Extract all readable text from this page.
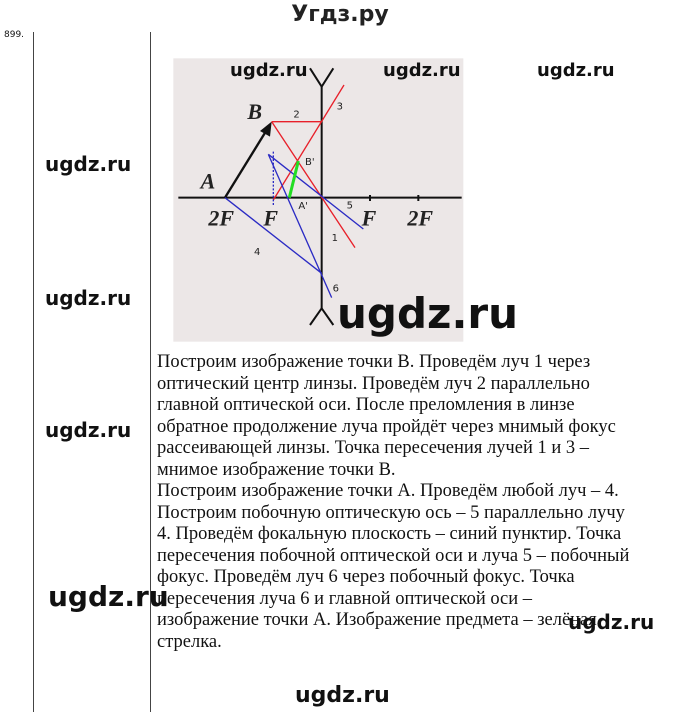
Угдз.ру
899.
B
A
2F F F 2F
B'
A'
1
2
3
4
5
6
Построим изображение точки В. Проведём луч 1 через
оптический центр линзы. Проведём луч 2 параллельно
главной оптической оси. После преломления в линзе
обратное продолжение луча пройдёт через мнимый фокус
рассеивающей линзы. Точка пересечения лучей 1 и 3 –
мнимое изображение точки В.
Построим изображение точки А. Проведём любой луч – 4.
Построим побочную оптическую ось – 5 параллельно лучу
4. Проведём фокальную плоскость – синий пунктир. Точка
пересечения побочной оптической оси и луча 5 – побочный
фокус. Проведём луч 6 через побочный фокус. Точка
пересечения луча 6 и главной оптической оси –
изображение точки А. Изображение предмета – зелёная
стрелка.
ugdz.ru	ugdz.ru	ugdz.ru
ugdz.ru
ugdz.ru	ugdz.ru
ugdz.ru
ugdz.ru
ugdz.ru
ugdz.ru
